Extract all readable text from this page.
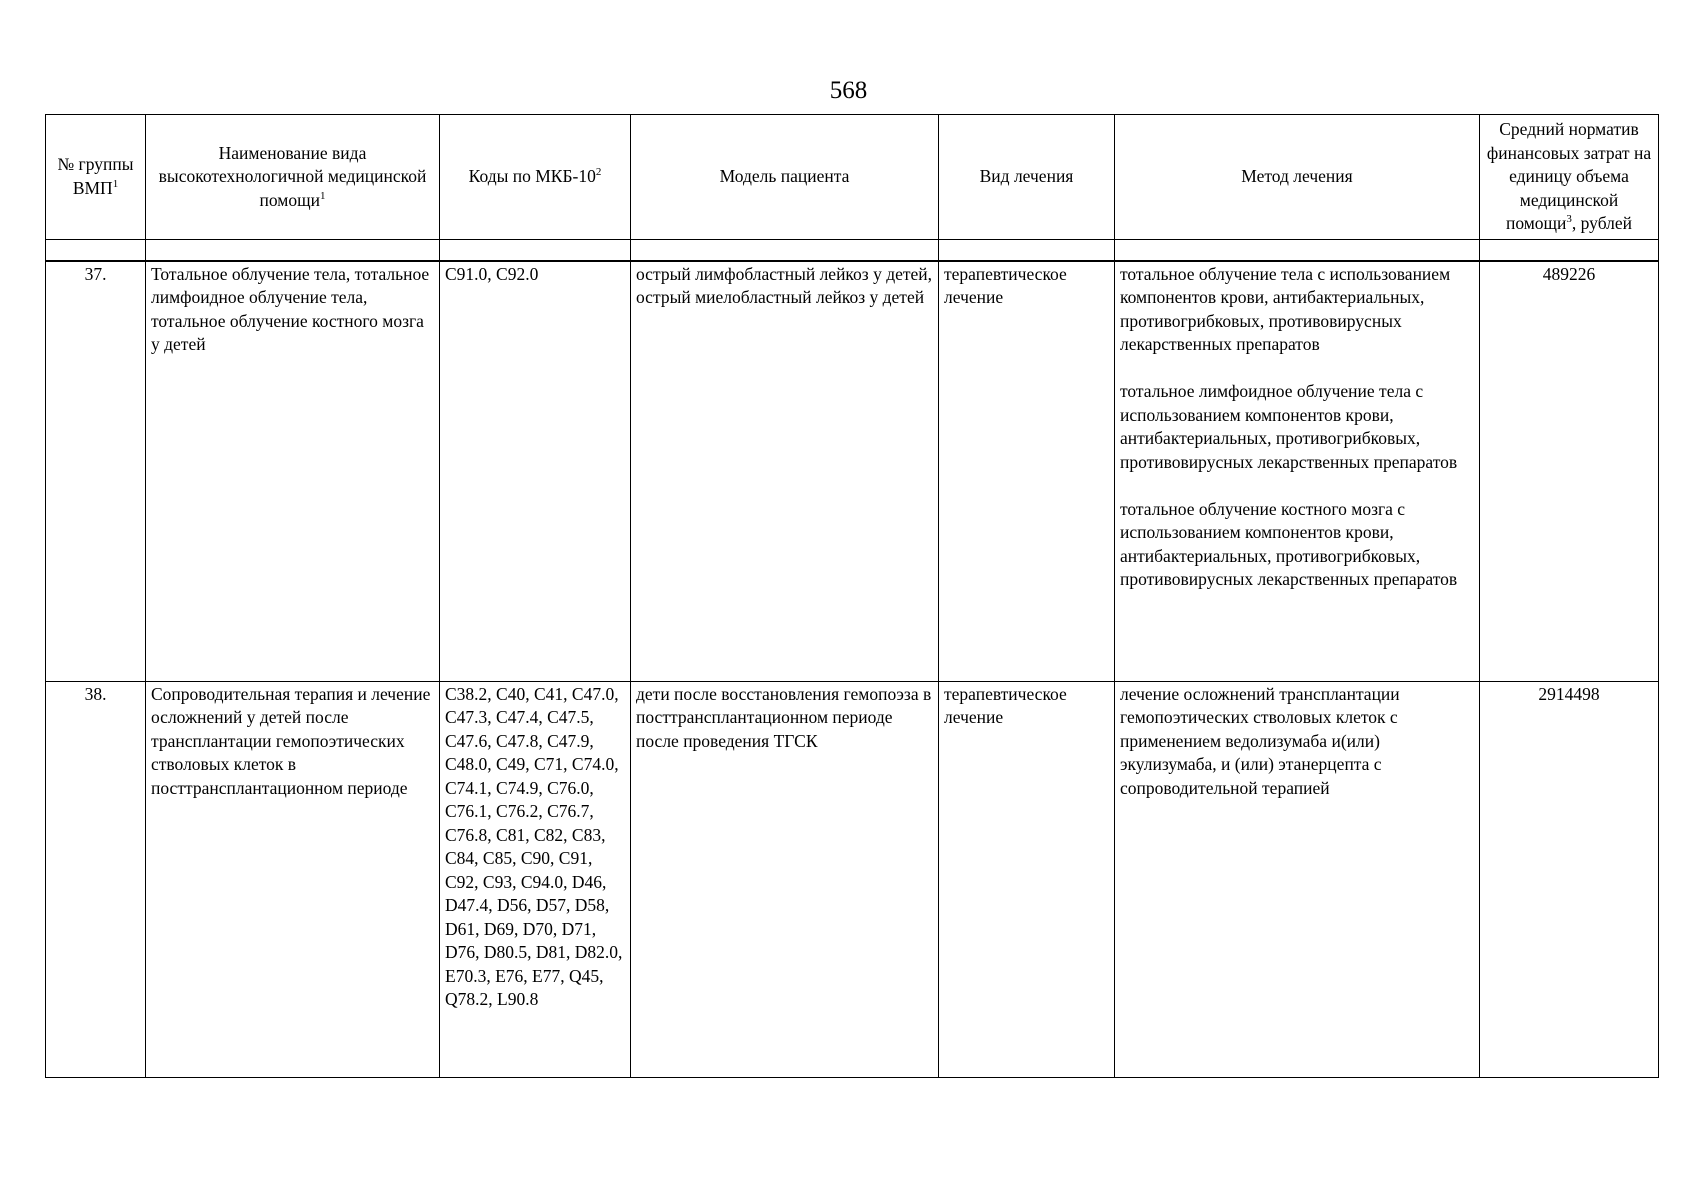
568
№ группы ВМП$^1$	Наименование вида высокотехнологичной медицинской помощи$^1$	Коды по МКБ-$10^2$	Модель пациента	Вид лечения	Метод лечения	Средний норматив финансовых затрат на единицу объема медицинской помощи$^3$, рублей

37.	Тотальное облучение тела, тотальное лимфоидное облучение тела, тотальное облучение костного мозга у детей	C91.0, C92.0	острый лимфобластный лейкоз у детей, острый миелобластный лейкоз у детей	терапевтическое лечение	тотальное облучение тела с использованием компонентов крови, антибактериальных, противогрибковых, противовирусных лекарственных препаратов

тотальное лимфоидное облучение тела с использованием компонентов крови, антибактериальных, противогрибковых, противовирусных лекарственных препаратов

тотальное облучение костного мозга с использованием компонентов крови, антибактериальных, противогрибковых, противовирусных лекарственных препаратов	489226
38.	Сопроводительная терапия и лечение осложнений у детей после трансплантации гемопоэтических стволовых клеток в посттрансплантационном периоде	C38.2, C40, C41, C47.0, C47.3, C47.4, C47.5, C47.6, C47.8, C47.9, C48.0, C49, C71, C74.0, C74.1, C74.9, C76.0, C76.1, C76.2, C76.7, C76.8, C81, C82, C83, C84, C85, C90, C91, C92, C93, C94.0, D46, D47.4, D56, D57, D58, D61, D69, D70, D71, D76, D80.5, D81, D82.0, E70.3, E76, E77, Q45, Q78.2, L90.8	дети после восстановления гемопоэза в посттрансплантационном периоде после проведения ТГСК	терапевтическое лечение	лечение осложнений трансплантации гемопоэтических стволовых клеток с применением ведолизумаба и(или) экулизумаба, и (или) этанерцепта с сопроводительной терапией	2914498
